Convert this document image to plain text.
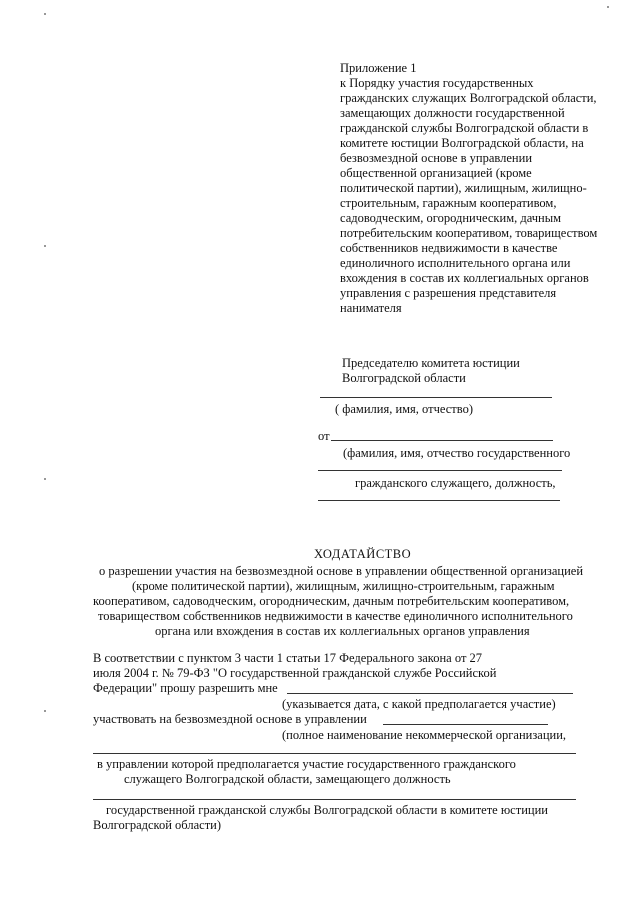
Приложение 1
к Порядку участия государственных
гражданских служащих Волгоградской области,
замещающих должности государственной
гражданской службы Волгоградской области в
комитете юстиции Волгоградской области, на
безвозмездной основе в управлении
общественной организацией (кроме
политической партии), жилищным, жилищно-
строительным, гаражным кооперативом,
садоводческим, огородническим, дачным
потребительским кооперативом, товариществом
собственников недвижимости в качестве
единоличного исполнительного органа или
вхождения в состав их коллегиальных органов
управления с разрешения представителя
нанимателя
Председателю комитета юстиции
Волгоградской области
( фамилия, имя, отчество)
от
(фамилия, имя, отчество государственного
гражданского служащего, должность,
ХОДАТАЙСТВО
о разрешении участия на безвозмездной основе в управлении общественной организацией
(кроме политической партии), жилищным, жилищно-строительным, гаражным
кооперативом, садоводческим, огородническим, дачным потребительским кооперативом,
товариществом собственников недвижимости в качестве единоличного исполнительного
органа или вхождения в состав их коллегиальных органов управления
В соответствии с пунктом 3 части 1 статьи 17 Федерального закона от 27
июля 2004 г. № 79-ФЗ "О государственной гражданской службе Российской
Федерации" прошу разрешить мне
(указывается дата, с какой предполагается участие)
участвовать на безвозмездной основе в управлении
(полное наименование некоммерческой организации,
в управлении которой предполагается участие государственного гражданского
служащего Волгоградской области, замещающего должность
государственной гражданской службы Волгоградской области в комитете юстиции
Волгоградской области)
